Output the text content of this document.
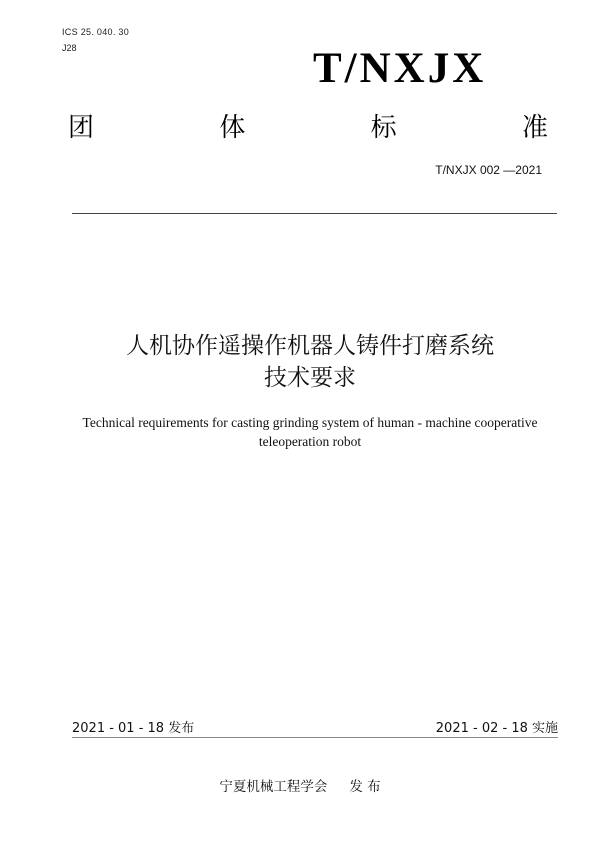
ICS 25. 040. 30
J28	T/NXJX
团	体	标	准
T/NXJX 002 —2021
人机协作遥操作机器人铸件打磨系统
技术要求
Technical requirements for casting grinding system of human - machine cooperative
teleoperation robot
2021 - 01 - 18 发布	2021 - 02 - 18 实施
宁夏机械工程学会 发 布
